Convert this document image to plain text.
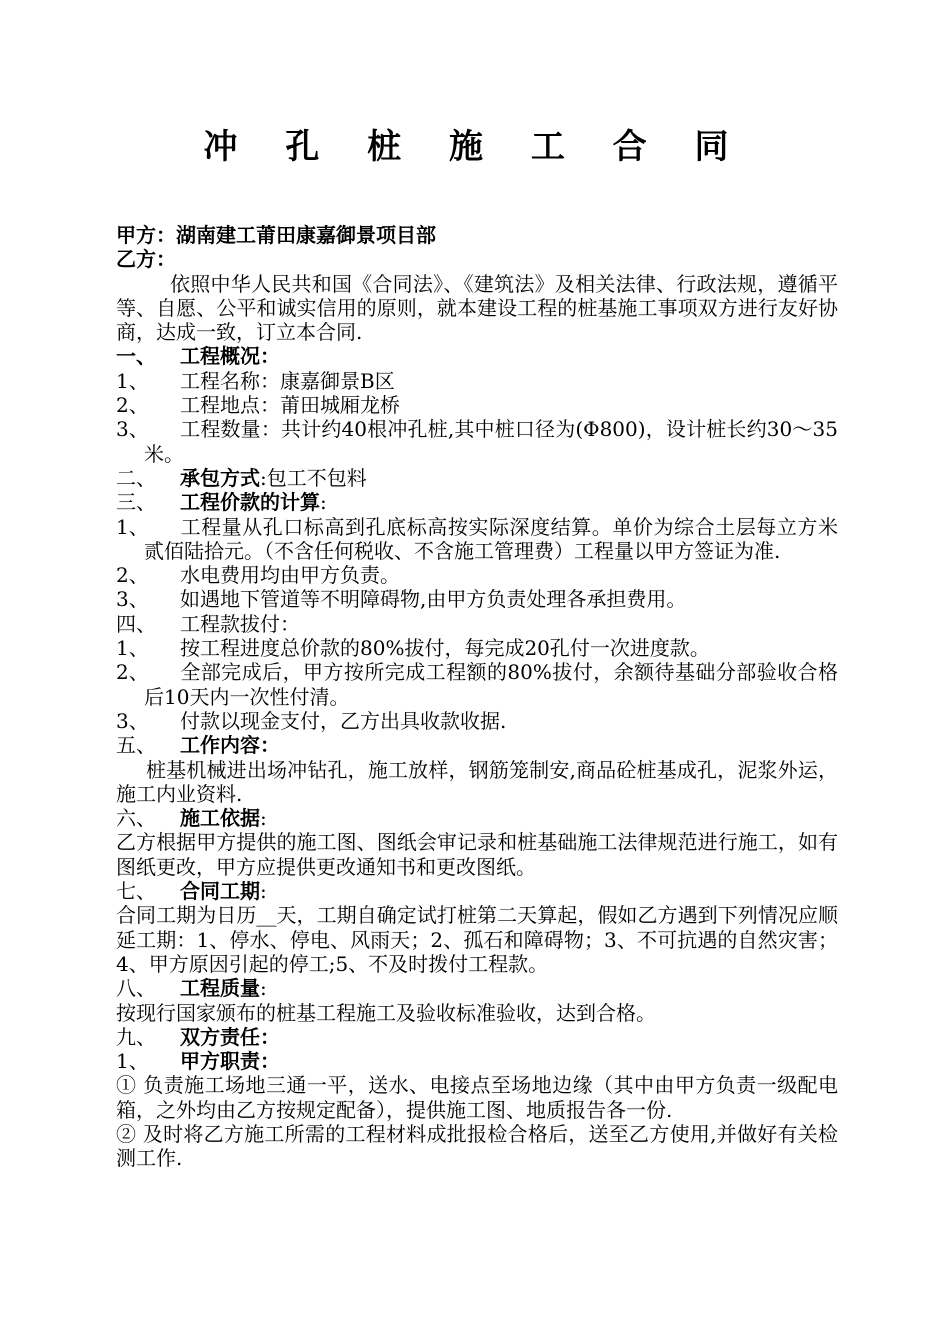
冲 孔 桩 施 工 合 同

甲方：湖南建工莆田康嘉御景项目部

乙方：

依照中华人民共和国《合同法》、《建筑法》及相关法律、行政法规，遵循平等、自愿、公平和诚实信用的原则，就本建设工程的桩基施工事项双方进行友好协商，达成一致，订立本合同.

一、	工程概况：
1、	工程名称：康嘉御景B区
2、	工程地点：莆田城厢龙桥

3、 工程数量：共计约40根冲孔桩,其中桩口径为(Φ800)，设计桩长约30～35米。

二、	承包方式:包工不包料
三、	工程价款的计算:

1、 工程量从孔口标高到孔底标高按实际深度结算。单价为综合土层每立方米贰佰陆拾元。（不含任何税收、不含施工管理费）工程量以甲方签证为准.

2、	水电费用均由甲方负责。
3、	如遇地下管道等不明障碍物,由甲方负责处理各承担费用。
四、	工程款拔付：
1、	按工程进度总价款的80%拔付，每完成20孔付一次进度款。

2、 全部完成后，甲方按所完成工程额的80%拔付，余额待基础分部验收合格后10天内一次性付清。

3、	付款以现金支付，乙方出具收款收据.
五、	工作内容：

桩基机械进出场冲钻孔，施工放样，钢筋笼制安,商品砼桩基成孔，泥浆外运，施工内业资料.

六、	施工依据:

乙方根据甲方提供的施工图、图纸会审记录和桩基础施工法律规范进行施工，如有图纸更改，甲方应提供更改通知书和更改图纸。

七、	合同工期:

合同工期为日历__天，工期自确定试打桩第二天算起，假如乙方遇到下列情况应顺延工期：1、停水、停电、风雨天；2、孤石和障碍物；3、不可抗遇的自然灾害；4、甲方原因引起的停工;5、不及时拨付工程款。

八、	工程质量:

按现行国家颁布的桩基工程施工及验收标准验收，达到合格。

九、	双方责任：
1、	甲方职责：

① 负责施工场地三通一平，送水、电接点至场地边缘（其中由甲方负责一级配电箱，之外均由乙方按规定配备），提供施工图、地质报告各一份.

② 及时将乙方施工所需的工程材料成批报检合格后，送至乙方使用,并做好有关检测工作.
